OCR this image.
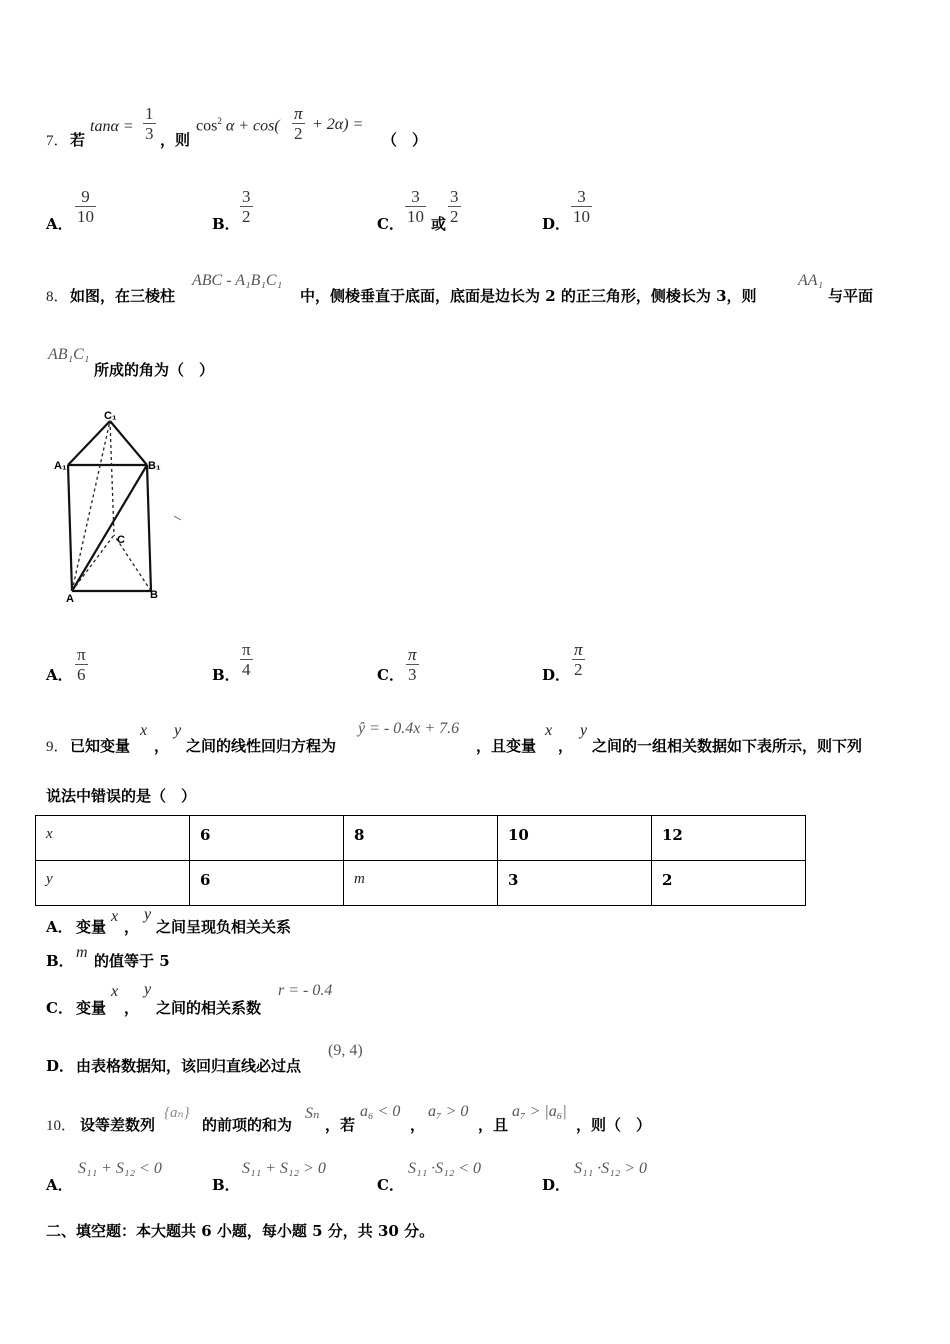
7． 若
$\tan\alpha = \frac{1}{3}$ ，则
$\cos^2 \alpha + \cos( \frac{\pi}{2} + 2\alpha)$ =
（　）
A． $\frac{9}{10}$	B． $\frac{3}{2}$	C． $\frac{3}{10}$ 或 $\frac{3}{2}$	D． $\frac{3}{10}$
8． 如图，在三棱柱
ABC - A₁B₁C₁
中，侧棱垂直于底面，底面是边长为 2 的正三角形，侧棱长为 3，则
AA₁
与平面
AB₁C₁
所成的角为（　）
C₁
A₁	B₁
C
A	B
A． $\frac{\pi}{6}$	B． $\frac{\pi}{4}$	C． $\frac{\pi}{3}$	D． $\frac{\pi}{2}$
9． 已知变量
x
，
y
之间的线性回归方程为
ŷ = - 0.4x + 7.6
，且变量
x
，
y
之间的一组相关数据如下表所示，则下列
说法中错误的是（　）
x	6	8	10	12
y	6	m	3	2
A． 变量
x
，
y
之间呈现负相关关系
B． m 的值等于 5
C． 变量
x
，
y
之间的相关系数
r = - 0.4
D． 由表格数据知，该回归直线必过点
(9, 4)
10． 设等差数列
{aₙ}
的前项的和为
Sₙ
，若
a₆ < 0
，
a₇ > 0
，且
a₇ > |a₆|
，则（　）
A．
S₁₁ + S₁₂ < 0
B．
S₁₁ + S₁₂ > 0
C．
S₁₁ ·S₁₂ < 0
D．
S₁₁ ·S₁₂ > 0
二、填空题：本大题共 6 小题，每小题 5 分，共 30 分。
